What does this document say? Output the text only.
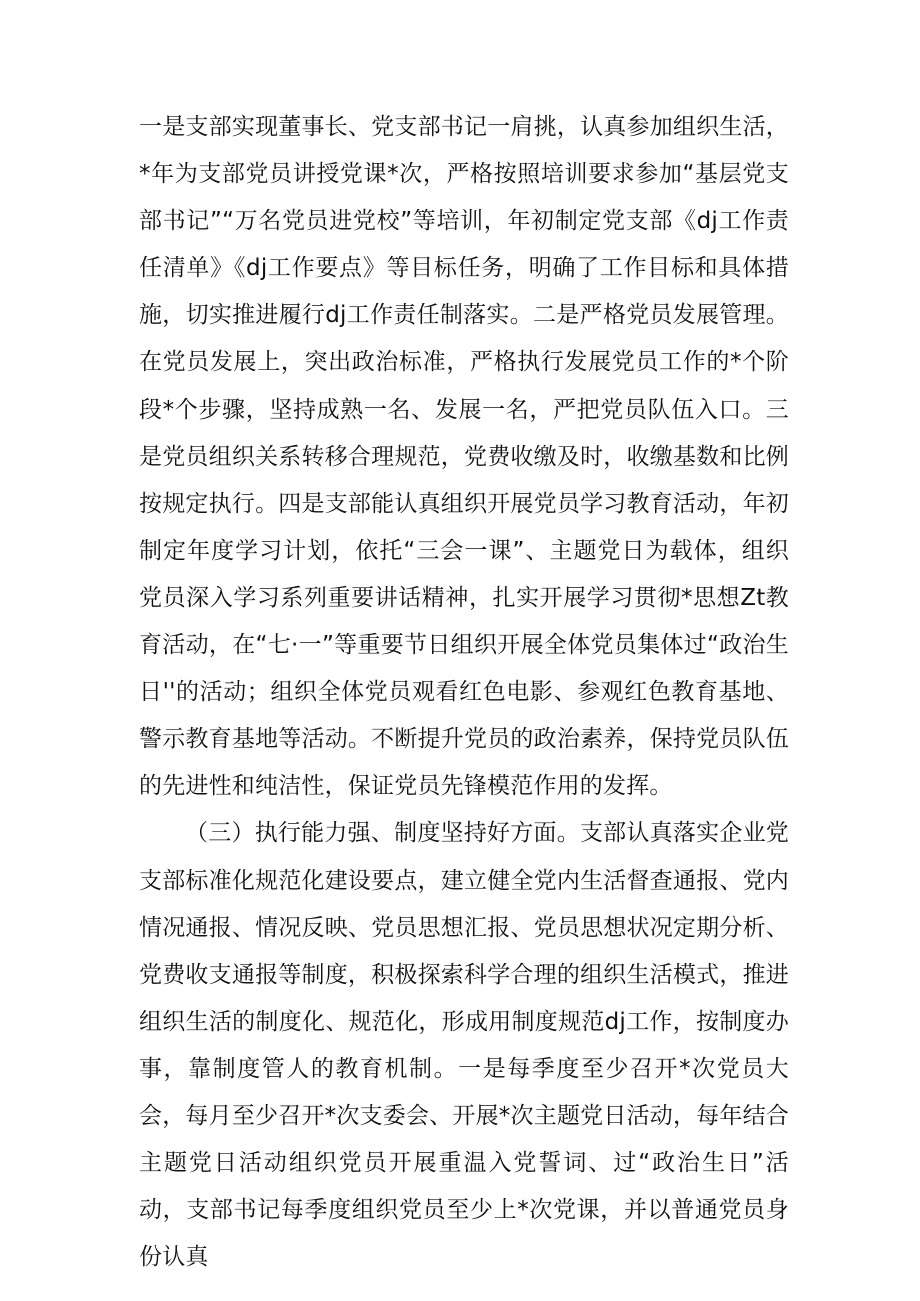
一是支部实现董事长、党支部书记一肩挑，认真参加组织生活，*年为支部党员讲授党课*次，严格按照培训要求参加“基层党支部书记”“万名党员进党校”等培训，年初制定党支部《dj工作责任清单》《dj工作要点》等目标任务，明确了工作目标和具体措施，切实推进履行dj工作责任制落实。二是严格党员发展管理。在党员发展上，突出政治标准，严格执行发展党员工作的*个阶段*个步骤，坚持成熟一名、发展一名，严把党员队伍入口。三是党员组织关系转移合理规范，党费收缴及时，收缴基数和比例按规定执行。四是支部能认真组织开展党员学习教育活动，年初制定年度学习计划，依托“三会一课”、主题党日为载体，组织党员深入学习系列重要讲话精神，扎实开展学习贯彻*思想Zt教育活动，在“七·一”等重要节日组织开展全体党员集体过“政治生日''的活动；组织全体党员观看红色电影、参观红色教育基地、警示教育基地等活动。不断提升党员的政治素养，保持党员队伍的先进性和纯洁性，保证党员先锋模范作用的发挥。

（三）执行能力强、制度坚持好方面。支部认真落实企业党支部标准化规范化建设要点，建立健全党内生活督查通报、党内情况通报、情况反映、党员思想汇报、党员思想状况定期分析、党费收支通报等制度，积极探索科学合理的组织生活模式，推进组织生活的制度化、规范化，形成用制度规范dj工作，按制度办事，靠制度管人的教育机制。一是每季度至少召开*次党员大会，每月至少召开*次支委会、开展*次主题党日活动，每年结合主题党日活动组织党员开展重温入党誓词、过“政治生日”活动，支部书记每季度组织党员至少上*次党课，并以普通党员身份认真
